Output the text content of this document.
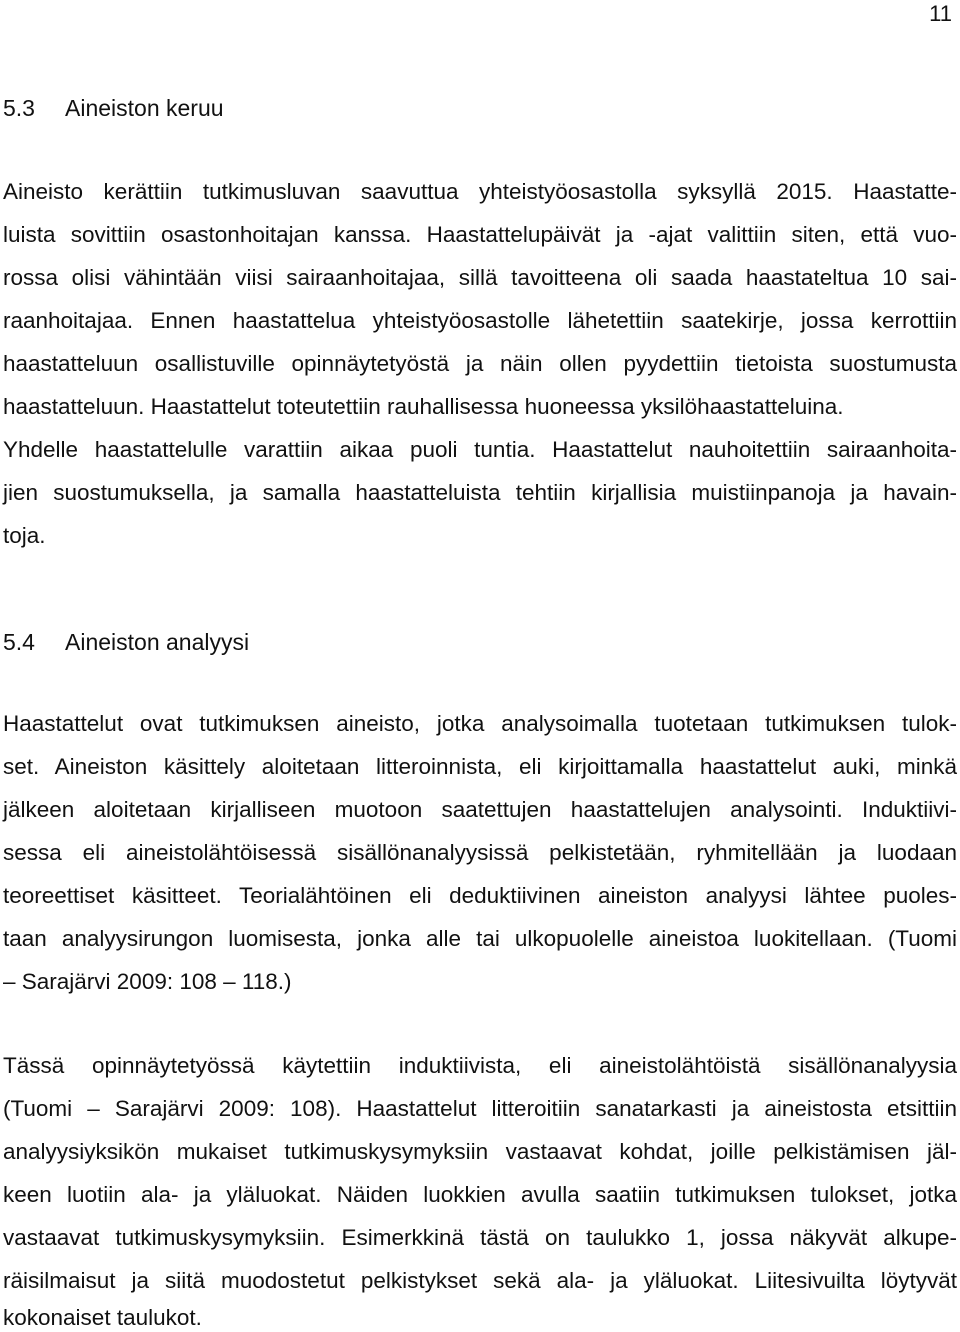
11
5.3 Aineiston keruu
Aineisto kerättiin tutkimusluvan saavuttua yhteistyöosastolla syksyllä 2015. Haastatte-
luista sovittiin osastonhoitajan kanssa. Haastattelupäivät ja -ajat valittiin siten, että vuo-
rossa olisi vähintään viisi sairaanhoitajaa, sillä tavoitteena oli saada haastateltua 10 sai-
raanhoitajaa. Ennen haastattelua yhteistyöosastolle lähetettiin saatekirje, jossa kerrottiin
haastatteluun osallistuville opinnäytetyöstä ja näin ollen pyydettiin tietoista suostumusta
haastatteluun. Haastattelut toteutettiin rauhallisessa huoneessa yksilöhaastatteluina.
Yhdelle haastattelulle varattiin aikaa puoli tuntia. Haastattelut nauhoitettiin sairaanhoita-
jien suostumuksella, ja samalla haastatteluista tehtiin kirjallisia muistiinpanoja ja havain-
toja.
5.4 Aineiston analyysi
Haastattelut ovat tutkimuksen aineisto, jotka analysoimalla tuotetaan tutkimuksen tulok-
set. Aineiston käsittely aloitetaan litteroinnista, eli kirjoittamalla haastattelut auki, minkä
jälkeen aloitetaan kirjalliseen muotoon saatettujen haastattelujen analysointi. Induktiivi-
sessa eli aineistolähtöisessä sisällönanalyysissä pelkistetään, ryhmitellään ja luodaan
teoreettiset käsitteet. Teorialähtöinen eli deduktiivinen aineiston analyysi lähtee puoles-
taan analyysirungon luomisesta, jonka alle tai ulkopuolelle aineistoa luokitellaan. (Tuomi
– Sarajärvi 2009: 108 – 118.)
Tässä opinnäytetyössä käytettiin induktiivista, eli aineistolähtöistä sisällönanalyysia
(Tuomi – Sarajärvi 2009: 108). Haastattelut litteroitiin sanatarkasti ja aineistosta etsittiin
analyysiyksikön mukaiset tutkimuskysymyksiin vastaavat kohdat, joille pelkistämisen jäl-
keen luotiin ala- ja yläluokat. Näiden luokkien avulla saatiin tutkimuksen tulokset, jotka
vastaavat tutkimuskysymyksiin. Esimerkkinä tästä on taulukko 1, jossa näkyvät alkupe-
räisilmaisut ja siitä muodostetut pelkistykset sekä ala- ja yläluokat. Liitesivuilta löytyvät
kokonaiset taulukot.
